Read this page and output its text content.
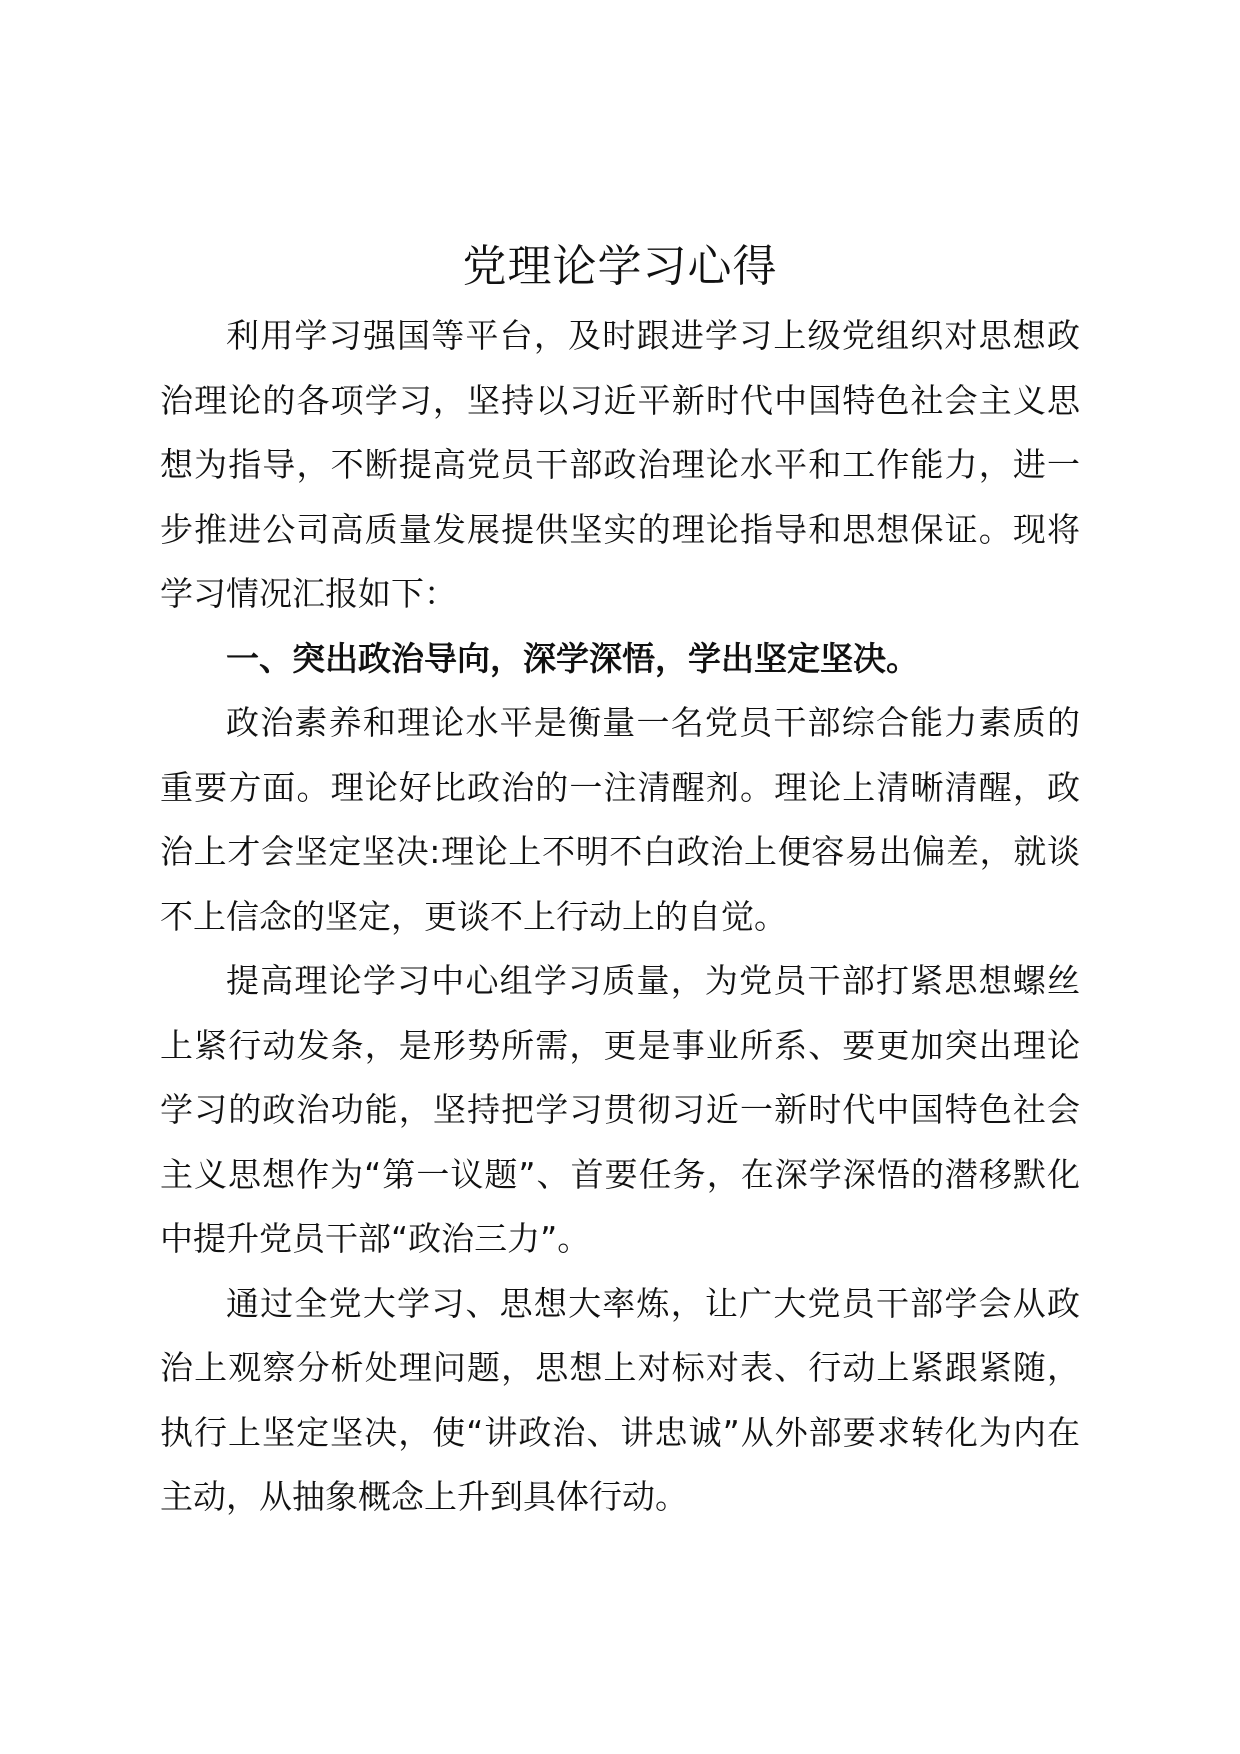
党理论学习心得

利用学习强国等平台，及时跟进学习上级党组织对思想政治理论的各项学习，坚持以习近平新时代中国特色社会主义思想为指导，不断提高党员干部政治理论水平和工作能力，进一步推进公司高质量发展提供坚实的理论指导和思想保证。现将学习情况汇报如下：

一、突出政治导向，深学深悟，学出坚定坚决。

政治素养和理论水平是衡量一名党员干部综合能力素质的重要方面。理论好比政治的一注清醒剂。理论上清晰清醒，政治上才会坚定坚决:理论上不明不白政治上便容易出偏差，就谈不上信念的坚定，更谈不上行动上的自觉。

提高理论学习中心组学习质量，为党员干部打紧思想螺丝上紧行动发条，是形势所需，更是事业所系、要更加突出理论学习的政治功能，坚持把学习贯彻习近一新时代中国特色社会主义思想作为“第一议题”、首要任务，在深学深悟的潜移默化中提升党员干部“政治三力”。

通过全党大学习、思想大率炼，让广大党员干部学会从政治上观察分析处理问题，思想上对标对表、行动上紧跟紧随，执行上坚定坚决，使“讲政治、讲忠诚”从外部要求转化为内在主动，从抽象概念上升到具体行动。
